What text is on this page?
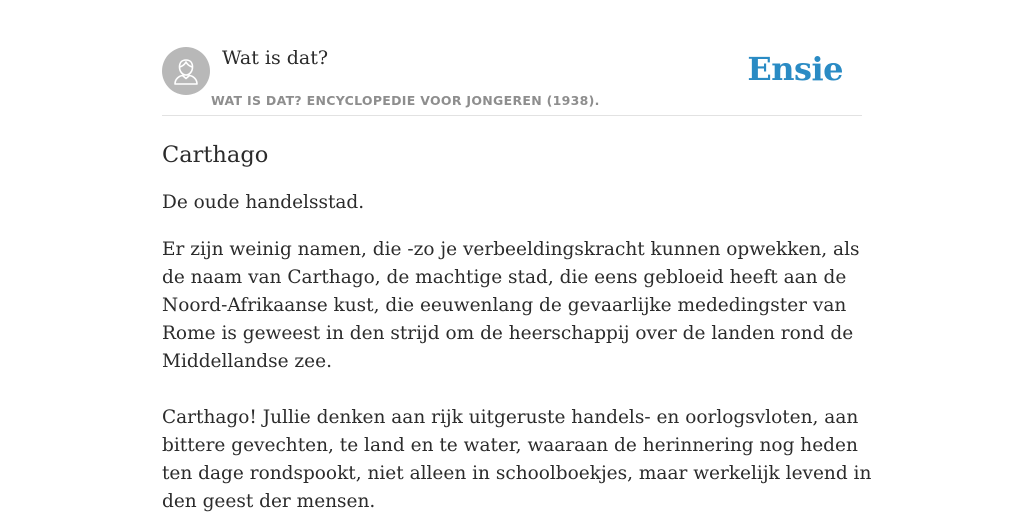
Wat is dat?
WAT IS DAT? ENCYCLOPEDIE VOOR JONGEREN (1938).
Ensie
Carthago

De oude handelsstad.

Er zijn weinig namen, die -zo je verbeeldingskracht kunnen opwekken, als de naam van Carthago, de machtige stad, die eens gebloeid heeft aan de Noord-Afrikaanse kust, die eeuwenlang de gevaarlijke mededingster van Rome is geweest in den strijd om de heerschappij over de landen rond de Middellandse zee.

Carthago! Jullie denken aan rijk uitgeruste handels- en oorlogsvloten, aan bittere gevechten, te land en te water, waaraan de herinnering nog heden ten dage rondspookt, niet alleen in schoolboekjes, maar werkelijk levend in den geest der mensen.
